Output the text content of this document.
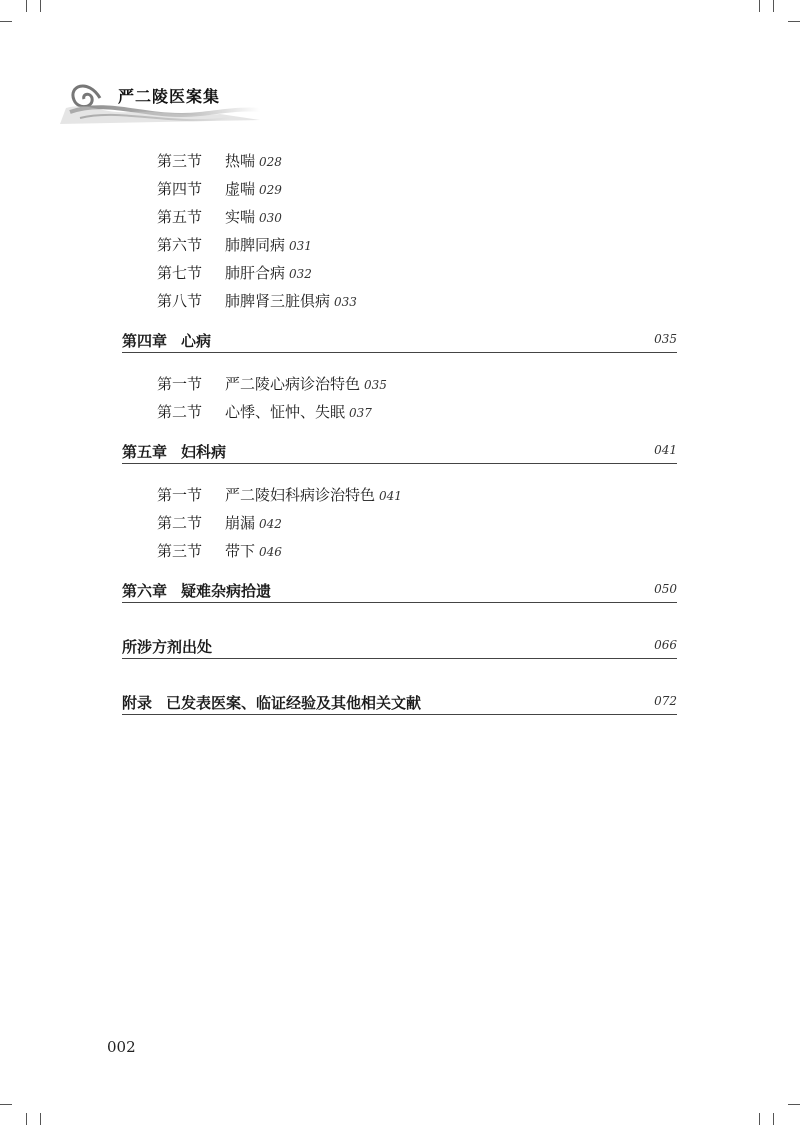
严二陵医案集
第三节 热喘 028
第四节 虚喘 029
第五节 实喘 030
第六节 肺脾同病 031
第七节 肺肝合病 032
第八节 肺脾肾三脏俱病 033
第四章 心病	035
第一节 严二陵心病诊治特色 035
第二节 心悸、怔忡、失眠 037
第五章 妇科病	041
第一节 严二陵妇科病诊治特色 041
第二节 崩漏 042
第三节 带下 046
第六章 疑难杂病拾遗	050
所涉方剂出处	066
附录 已发表医案、临证经验及其他相关文献	072
002
